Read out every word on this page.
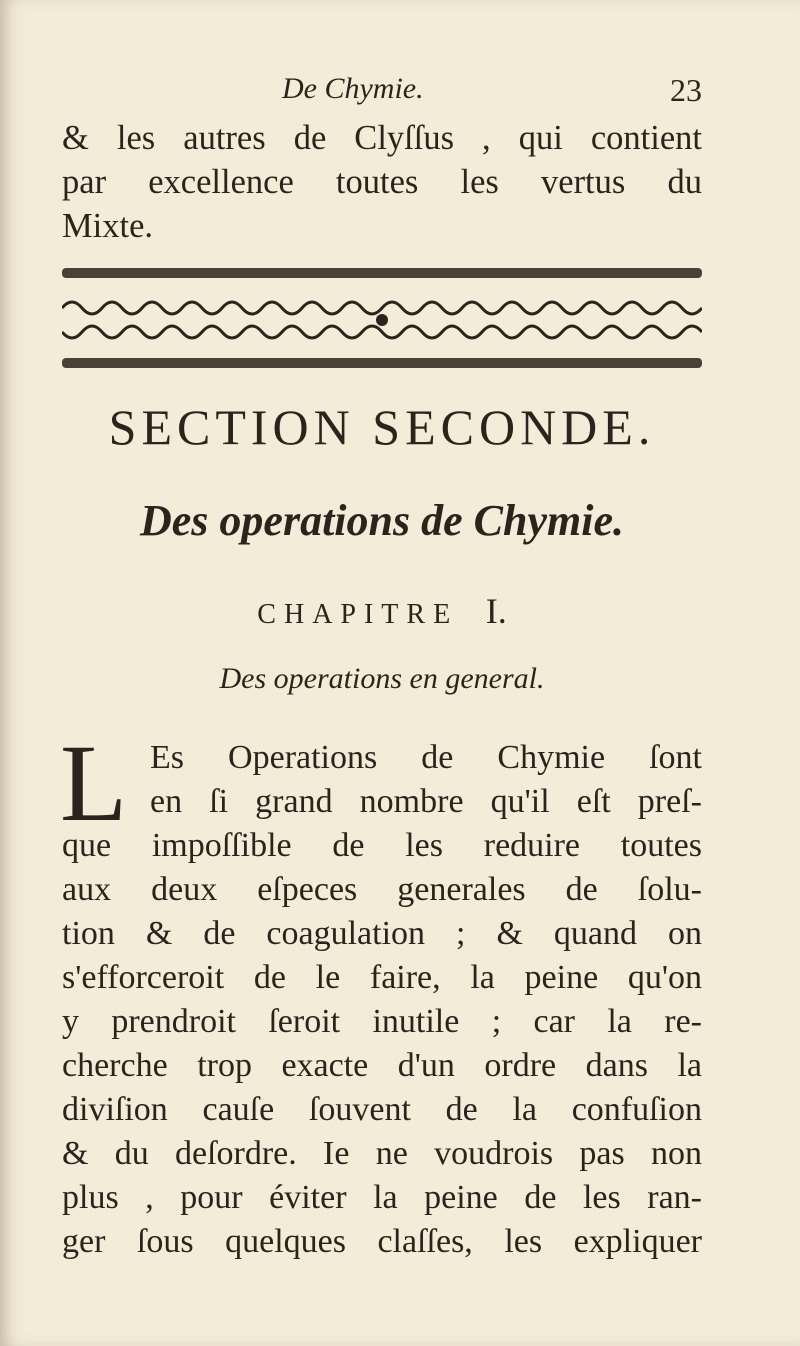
De Chymie.	23
& les autres de Clyſſus , qui contient
par excellence toutes les vertus du
Mixte.
SECTION SECONDE.
Des operations de Chymie.
CHAPITRE I.
Des operations en general.
L Es Operations de Chymie ſont
en ſi grand nombre qu'il eſt preſ-
que impoſſible de les reduire toutes
aux deux eſpeces generales de ſolu-
tion & de coagulation ; & quand on
s'efforceroit de le faire, la peine qu'on
y prendroit ſeroit inutile ; car la re-
cherche trop exacte d'un ordre dans la
diviſion cauſe ſouvent de la confuſion
& du deſordre. Ie ne voudrois pas non
plus , pour éviter la peine de les ran-
ger ſous quelques claſſes, les expliquer
